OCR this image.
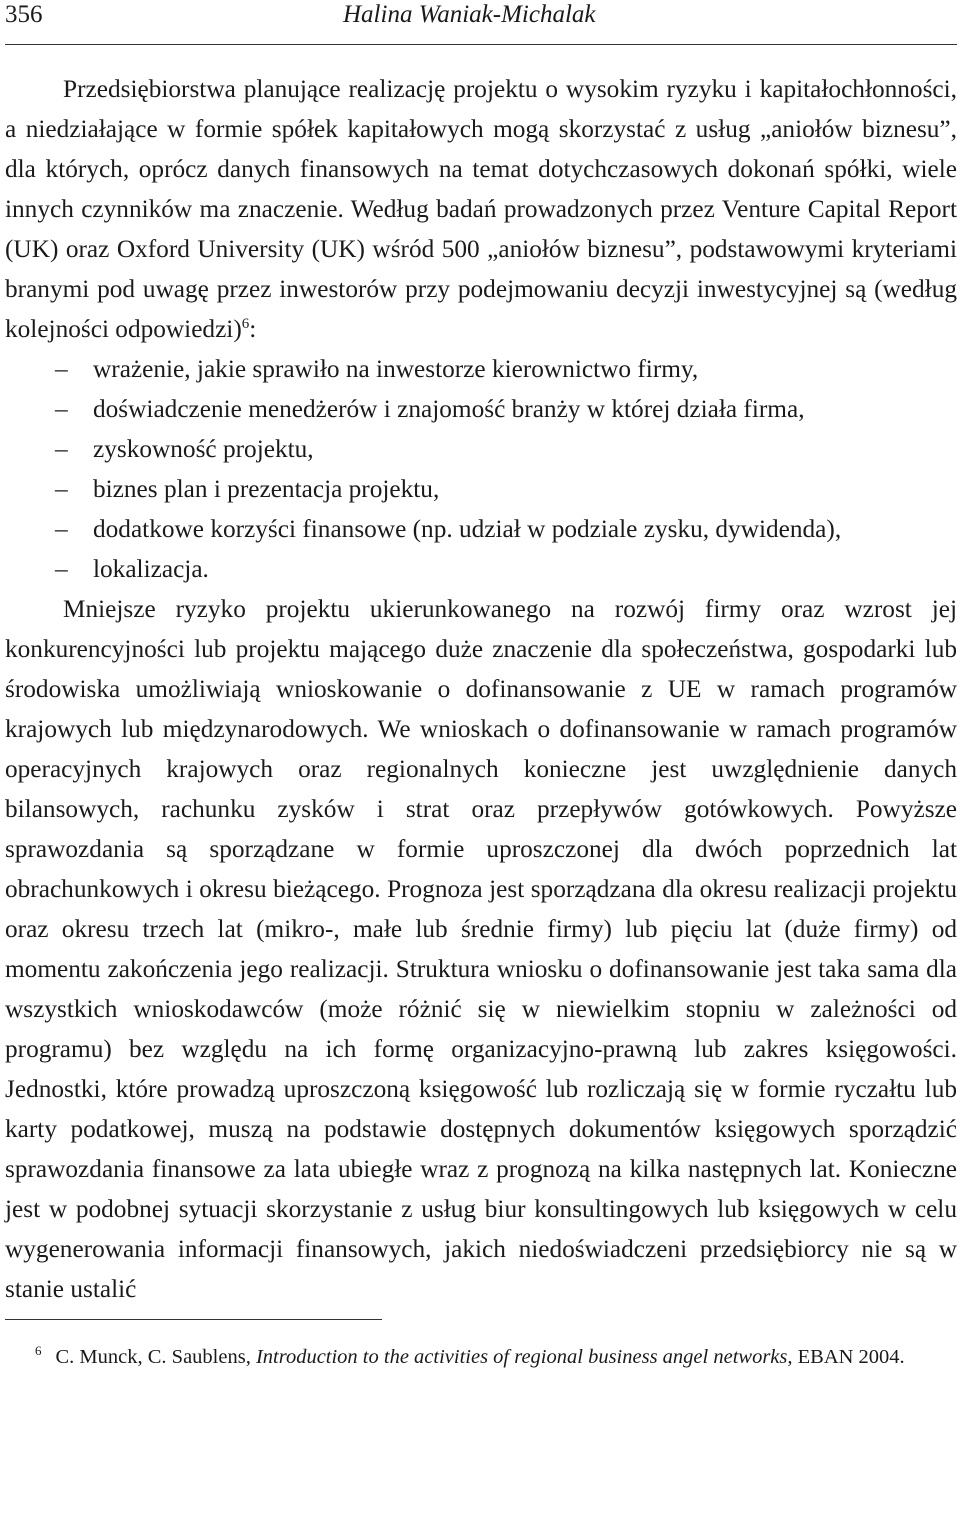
356	Halina Waniak-Michalak

Przedsiębiorstwa planujące realizację projektu o wysokim ryzyku i kapitałochłonności, a niedziałające w formie spółek kapitałowych mogą skorzystać z usług „aniołów biznesu”, dla których, oprócz danych finansowych na temat dotychczasowych dokonań spółki, wiele innych czynników ma znaczenie. Według badań prowadzonych przez Venture Capital Report (UK) oraz Oxford University (UK) wśród 500 „aniołów biznesu”, podstawowymi kryteriami branymi pod uwagę przez inwestorów przy podejmowaniu decyzji inwestycyjnej są (według kolejności odpowiedzi)$^6$:

– wrażenie, jakie sprawiło na inwestorze kierownictwo firmy,
– doświadczenie menedżerów i znajomość branży w której działa firma,
– zyskowność projektu,
– biznes plan i prezentacja projektu,
– dodatkowe korzyści finansowe (np. udział w podziale zysku, dywidenda),
– lokalizacja.

Mniejsze ryzyko projektu ukierunkowanego na rozwój firmy oraz wzrost jej konkurencyjności lub projektu mającego duże znaczenie dla społeczeństwa, gospodarki lub środowiska umożliwiają wnioskowanie o dofinansowanie z UE w ramach programów krajowych lub międzynarodowych. We wnioskach o dofinansowanie w ramach programów operacyjnych krajowych oraz regionalnych konieczne jest uwzględnienie danych bilansowych, rachunku zysków i strat oraz przepływów gotówkowych. Powyższe sprawozdania są sporządzane w formie uproszczonej dla dwóch poprzednich lat obrachunkowych i okresu bieżącego. Prognoza jest sporządzana dla okresu realizacji projektu oraz okresu trzech lat (mikro-, małe lub średnie firmy) lub pięciu lat (duże firmy) od momentu zakończenia jego realizacji. Struktura wniosku o dofinansowanie jest taka sama dla wszystkich wnioskodawców (może różnić się w niewielkim stopniu w zależności od programu) bez względu na ich formę organizacyjno-prawną lub zakres księgowości. Jednostki, które prowadzą uproszczoną księgowość lub rozliczają się w formie ryczałtu lub karty podatkowej, muszą na podstawie dostępnych dokumentów księgowych sporządzić sprawozdania finansowe za lata ubiegłe wraz z prognozą na kilka następnych lat. Konieczne jest w podobnej sytuacji skorzystanie z usług biur konsultingowych lub księgowych w celu wygenerowania informacji finansowych, jakich niedoświadczeni przedsiębiorcy nie są w stanie ustalić

$^6$ C. Munck, C. Saublens, Introduction to the activities of regional business angel networks, EBAN 2004.
